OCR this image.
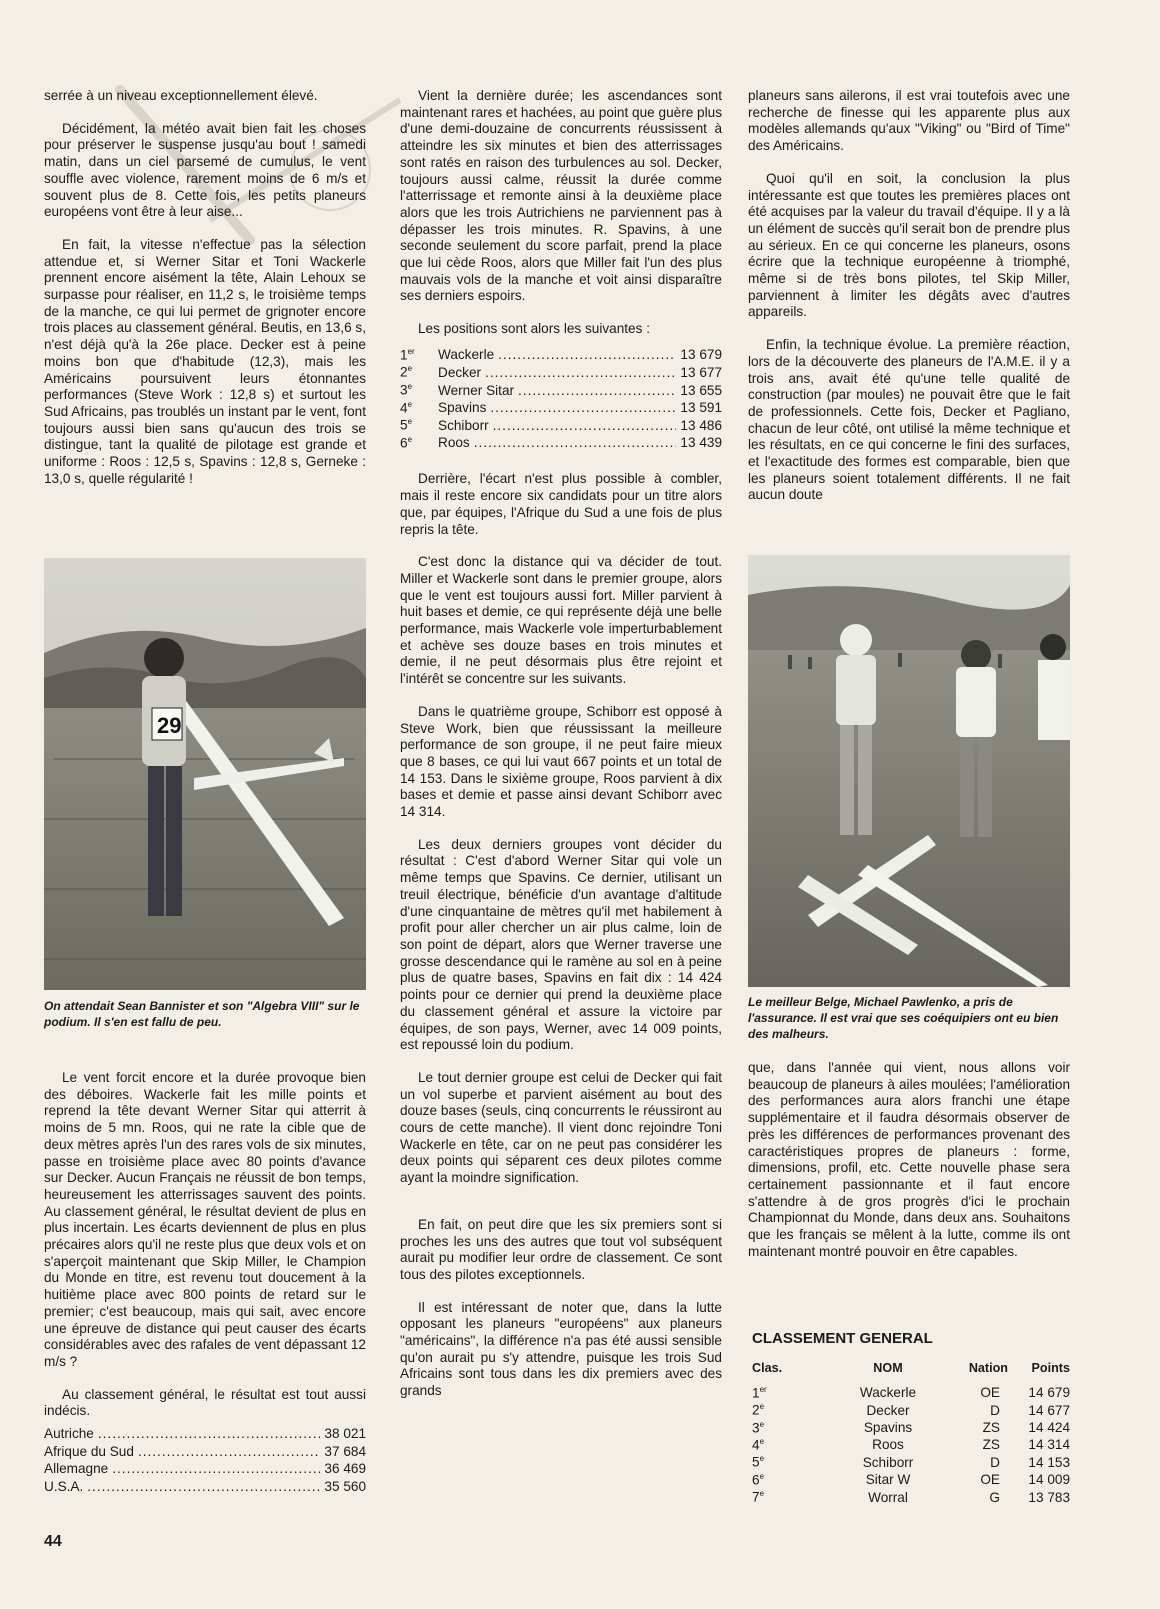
serrée à un niveau exceptionnellement élevé.

Décidément, la météo avait bien fait les choses pour préserver le suspense jusqu'au bout ! samedi matin, dans un ciel parsemé de cumulus, le vent souffle avec violence, rarement moins de 6 m/s et souvent plus de 8. Cette fois, les petits planeurs européens vont être à leur aise...

En fait, la vitesse n'effectue pas la sélection attendue et, si Werner Sitar et Toni Wackerle prennent encore aisément la tête, Alain Lehoux se surpasse pour réaliser, en 11,2 s, le troisième temps de la manche, ce qui lui permet de grignoter encore trois places au classement général. Beutis, en 13,6 s, n'est déjà qu'à la 26e place. Decker est à peine moins bon que d'habitude (12,3), mais les Américains poursuivent leurs étonnantes performances (Steve Work : 12,8 s) et surtout les Sud Africains, pas troublés un instant par le vent, font toujours aussi bien sans qu'aucun des trois se distingue, tant la qualité de pilotage est grande et uniforme : Roos : 12,5 s, Spavins : 12,8 s, Gerneke : 13,0 s, quelle régularité !

29
On attendait Sean Bannister et son "Algebra VIII" sur le podium. Il s'en est fallu de peu.

Le vent forcit encore et la durée provoque bien des déboires. Wackerle fait les mille points et reprend la tête devant Werner Sitar qui atterrit à moins de 5 mn. Roos, qui ne rate la cible que de deux mètres après l'un des rares vols de six minutes, passe en troisième place avec 80 points d'avance sur Decker. Aucun Français ne réussit de bon temps, heureusement les atterrissages sauvent des points. Au classement général, le résultat devient de plus en plus incertain. Les écarts deviennent de plus en plus précaires alors qu'il ne reste plus que deux vols et on s'aperçoit maintenant que Skip Miller, le Champion du Monde en titre, est revenu tout doucement à la huitième place avec 800 points de retard sur le premier; c'est beaucoup, mais qui sait, avec encore une épreuve de distance qui peut causer des écarts considérables avec des rafales de vent dépassant 12 m/s ?

Au classement général, le résultat est tout aussi indécis.

Autriche .....	38 021
Afrique du Sud .....	37 684
Allemagne .....	36 469
U.S.A. .....	35 560

Vient la dernière durée; les ascendances sont maintenant rares et hachées, au point que guère plus d'une demi-douzaine de concurrents réussissent à atteindre les six minutes et bien des atterrissages sont ratés en raison des turbulences au sol. Decker, toujours aussi calme, réussit la durée comme l'atterrissage et remonte ainsi à la deuxième place alors que les trois Autrichiens ne parviennent pas à dépasser les trois minutes. R. Spavins, à une seconde seulement du score parfait, prend la place que lui cède Roos, alors que Miller fait l'un des plus mauvais vols de la manche et voit ainsi disparaître ses derniers espoirs.

Les positions sont alors les suivantes :

1er	Wackerle .....	13 679
2e	Decker .....	13 677
3e	Werner Sitar .....	13 655
4e	Spavins .....	13 591
5e	Schiborr .....	13 486
6e	Roos .....	13 439

Derrière, l'écart n'est plus possible à combler, mais il reste encore six candidats pour un titre alors que, par équipes, l'Afrique du Sud a une fois de plus repris la tête.

C'est donc la distance qui va décider de tout. Miller et Wackerle sont dans le premier groupe, alors que le vent est toujours aussi fort. Miller parvient à huit bases et demie, ce qui représente déjà une belle performance, mais Wackerle vole imperturbablement et achève ses douze bases en trois minutes et demie, il ne peut désormais plus être rejoint et l'intérêt se concentre sur les suivants.

Dans le quatrième groupe, Schiborr est opposé à Steve Work, bien que réussissant la meilleure performance de son groupe, il ne peut faire mieux que 8 bases, ce qui lui vaut 667 points et un total de 14 153. Dans le sixième groupe, Roos parvient à dix bases et demie et passe ainsi devant Schiborr avec 14 314.

Les deux derniers groupes vont décider du résultat : C'est d'abord Werner Sitar qui vole un même temps que Spavins. Ce dernier, utilisant un treuil électrique, bénéficie d'un avantage d'altitude d'une cinquantaine de mètres qu'il met habilement à profit pour aller chercher un air plus calme, loin de son point de départ, alors que Werner traverse une grosse descendance qui le ramène au sol en à peine plus de quatre bases, Spavins en fait dix : 14 424 points pour ce dernier qui prend la deuxième place du classement général et assure la victoire par équipes, de son pays, Werner, avec 14 009 points, est repoussé loin du podium.

Le tout dernier groupe est celui de Decker qui fait un vol superbe et parvient aisément au bout des douze bases (seuls, cinq concurrents le réussiront au cours de cette manche). Il vient donc rejoindre Toni Wackerle en tête, car on ne peut pas considérer les deux points qui séparent ces deux pilotes comme ayant la moindre signification.

En fait, on peut dire que les six premiers sont si proches les uns des autres que tout vol subséquent aurait pu modifier leur ordre de classement. Ce sont tous des pilotes exceptionnels.

Il est intéressant de noter que, dans la lutte opposant les planeurs "européens" aux planeurs "américains", la différence n'a pas été aussi sensible qu'on aurait pu s'y attendre, puisque les trois Sud Africains sont tous dans les dix premiers avec des grands

planeurs sans ailerons, il est vrai toutefois avec une recherche de finesse qui les apparente plus aux modèles allemands qu'aux "Viking" ou "Bird of Time" des Américains.

Quoi qu'il en soit, la conclusion la plus intéressante est que toutes les premières places ont été acquises par la valeur du travail d'équipe. Il y a là un élément de succès qu'il serait bon de prendre plus au sérieux. En ce qui concerne les planeurs, osons écrire que la technique européenne à triomphé, même si de très bons pilotes, tel Skip Miller, parviennent à limiter les dégâts avec d'autres appareils.

Enfin, la technique évolue. La première réaction, lors de la découverte des planeurs de l'A.M.E. il y a trois ans, avait été qu'une telle qualité de construction (par moules) ne pouvait être que le fait de professionnels. Cette fois, Decker et Pagliano, chacun de leur côté, ont utilisé la même technique et les résultats, en ce qui concerne le fini des surfaces, et l'exactitude des formes est comparable, bien que les planeurs soient totalement différents. Il ne fait aucun doute

Le meilleur Belge, Michael Pawlenko, a pris de l'assurance. Il est vrai que ses coéquipiers ont eu bien des malheurs.

que, dans l'année qui vient, nous allons voir beaucoup de planeurs à ailes moulées; l'amélioration des performances aura alors franchi une étape supplémentaire et il faudra désormais observer de près les différences de performances provenant des caractéristiques propres de planeurs : forme, dimensions, profil, etc. Cette nouvelle phase sera certainement passionnante et il faut encore s'attendre à de gros progrès d'ici le prochain Championnat du Monde, dans deux ans. Souhaitons que les français se mêlent à la lutte, comme ils ont maintenant montré pouvoir en être capables.

CLASSEMENT GENERAL
Clas.	NOM	Nation	Points
1er	Wackerle	OE	14 679
2e	Decker	D	14 677
3e	Spavins	ZS	14 424
4e	Roos	ZS	14 314
5e	Schiborr	D	14 153
6e	Sitar W	OE	14 009
7e	Worral	G	13 783
44
